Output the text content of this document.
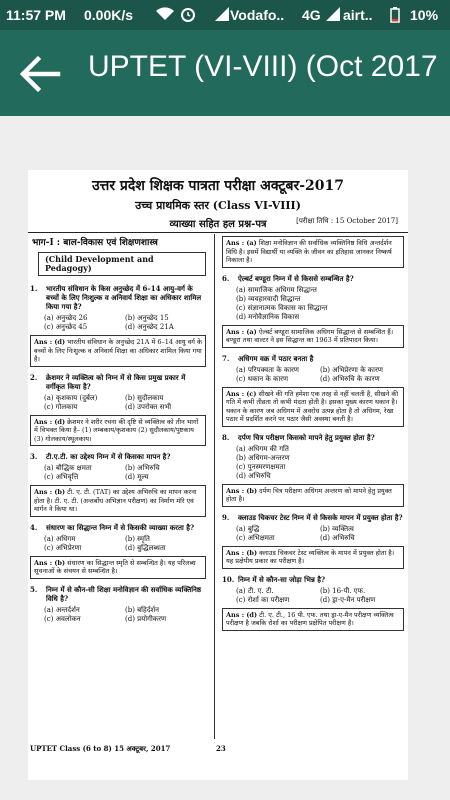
11:57 PM 0.00K/s	Vodafo.. 4G airt..	10%
UPTET (VI-VIII) (Oct 2017
उत्तर प्रदेश शिक्षक पात्रता परीक्षा अक्टूबर-2017
उच्च प्राथमिक स्तर (Class VI-VIII)
व्याख्या सहित हल प्रश्न-पत्र	[परीक्षा तिथि : 15 October 2017]
भाग-I : बाल-विकास एवं शिक्षणशास्त्र
(Child Development and Pedagogy)
1.	भारतीय संविधान के किस अनुच्छेद में 6–14 आयु-वर्ग के बच्चों के लिए निःशुल्क व अनिवार्य शिक्षा का अधिकार शामिल किया गया है?
(a) अनुच्छेद 26	(b) अनुच्छेद 15
(c) अनुच्छेद 45	(d) अनुच्छेद 21A
Ans : (d) भारतीय संविधान के अनुच्छेद 21A में 6–14 आयु वर्ग के बच्चों के लिए निःशुल्क व अनिवार्य शिक्षा का अधिकार शामिल किया गया है।
2.	क्रेशमर ने व्यक्तित्व को निम्न में से किस प्रमुख प्रकार में वर्गीकृत किया है?
(a) कृशकाय (दुर्बल)	(b) सुदौलकाय
(c) गोलकाय	(d) उपरोक्त सभी
Ans : (d) क्रेशमर ने शरीर रचना की दृष्टि से व्यक्तित्व को तीन भागों में विभक्त किया है– (1) लम्बकाय/कृशकाय (2) सुदौलकाय/पुष्टकाय (3) गोलकाय/स्थूलकाय।
3.	टी.ए.टी. का उद्देश्य निम्न में से किसका मापन है?
(a) बौद्धिक क्षमता	(b) अभिरुचि
(c) अभिवृत्ति	(d) मूल्य
Ans : (b) टी. ए. टी. (TAT) का उद्देश्य अभिरुचि का मापन करना होता है। टी. ए. टी. (अन्तर्बोध अभिज्ञान परीक्षण) का निर्माण मॉरे एवं मार्गन ने किया था।
4.	संधारण का सिद्धान्त निम्न में से किसकी व्याख्या करता है?
(a) अधिगम	(b) स्मृति
(c) अभिप्रेरणा	(d) बुद्धिलब्धता
Ans : (b) संधारण का सिद्धान्त स्मृति से सम्बन्धित है। यह परिलब्ध सूचनाओं के संचयन से सम्बन्धित है।
5.	निम्न में से कौन-सी शिक्षा मनोविज्ञान की सर्वाधिक व्यक्तिनिष्ठ विधि है?
(a) अन्तर्दर्शन	(b) बहिर्दर्शन
(c) अवलोकन	(d) प्रयोगीकरण
Ans : (a) शिक्षा मनोविज्ञान की सर्वाधिक व्यक्तिनिष्ठ विधि अन्तर्दर्शन विधि है। इसमें विद्यार्थी या व्यक्ति के जीवन का इतिहास जानकर निष्कर्ष निकाला है।
6.	ऐल्बर्ट बण्डूरा निम्न में से किससे सम्बन्धित है?
(a) सामाजिक अधिगम सिद्धान्त
(b) व्यवहारवादी सिद्धान्त
(c) संज्ञानात्मक विकास का सिद्धान्त
(d) मनोवैज्ञानिक विकास
Ans : (a) ऐल्बर्ट बण्डूरा सामाजिक अधिगम सिद्धान्त से सम्बन्धित हैं। बण्डूरा तथा वाल्टर ने इस सिद्धान्त का 1963 में प्रतिपादन किया।
7.	अधिगम वक्र में पठार बनता है
(a) परिपक्वता के कारण	(b) अभिप्रेरणा के कारण
(c) थकान के कारण	(d) अभिरुचि के कारण
Ans : (c) सीखने की गति हमेशा एक तरह से नहीं चलती है, सीखने की गति में कभी तीव्रता तो कभी मंदता होती है। इसका मुख्य कारण थकान है। थकान के कारण जब अधिगम में अवरोध उत्पन्न होता है तो अधिगम, रेखा पठार में प्रदर्शित करने पर पठार जैसी अवस्था बनती है।
8.	दर्पण चित्र परीक्षण किसको मापने हेतु प्रयुक्त होता है?
(a) अधिगम की गति
(b) अधिगम-अन्तरण
(c) पुनस्मरणक्षमता
(d) अभिरुचि
Ans : (b) दर्पण चित्र परीक्षण अधिगम अन्तरण को मापने हेतु प्रयुक्त होता है।
9.	क्लाउड चिकचर टेस्ट निम्न में से किसके मापन में प्रयुक्त होता है?
(a) बुद्धि	(b) व्यक्तित्व
(c) अभिक्षमता	(d) अभिरुचि
Ans : (b) क्लाउड चिकचर टेस्ट व्यक्तित्व के मापन में प्रयुक्त होता है। यह प्रक्षेपीय प्रकार का परीक्षण है।
10. निम्न में से कौन-सा जोड़ा भिन्न है?
(a) टी. ए. टी.	(b) 16-पी. एफ.
(c) रोर्शा का परीक्षण	(d) ड्रा-ए-मैन परीक्षण
Ans : (d) टी. ए. टी., 16 पी. एफ. तथा ड्रा-ए-मैन परीक्षण व्यक्तित्व परीक्षण है जबकि रोर्शा का परीक्षण प्रक्षेपित परीक्षण है।
UPTET Class (6 to 8) 15 अक्टूबर, 2017	23
